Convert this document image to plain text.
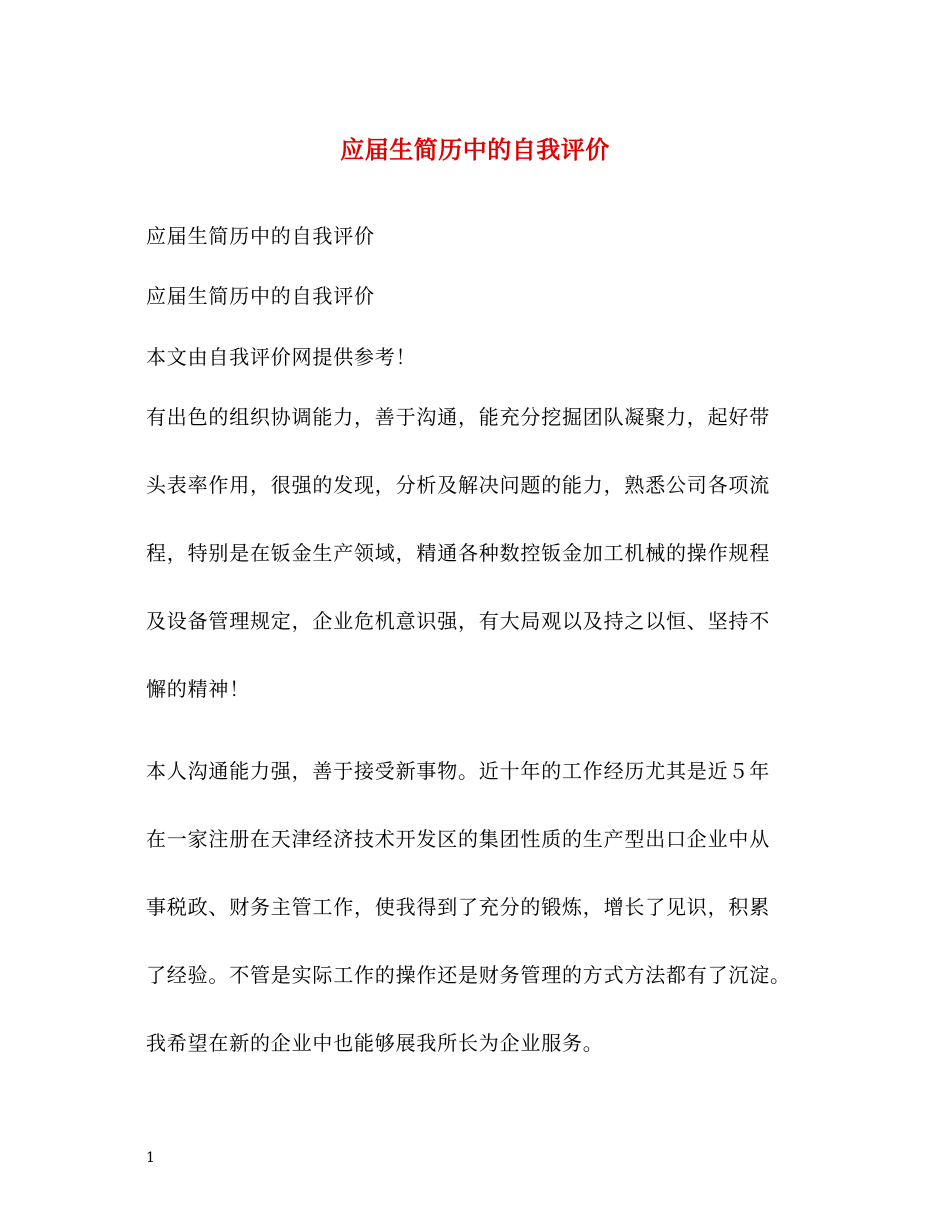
应届生简历中的自我评价
应届生简历中的自我评价
应届生简历中的自我评价
本文由自我评价网提供参考！
有出色的组织协调能力，善于沟通，能充分挖掘团队凝聚力，起好带
头表率作用，很强的发现，分析及解决问题的能力，熟悉公司各项流
程，特别是在钣金生产领域，精通各种数控钣金加工机械的操作规程
及设备管理规定，企业危机意识强，有大局观以及持之以恒、坚持不
懈的精神！
本人沟通能力强，善于接受新事物。近十年的工作经历尤其是近５年
在一家注册在天津经济技术开发区的集团性质的生产型出口企业中从
事税政、财务主管工作，使我得到了充分的锻炼，增长了见识，积累
了经验。不管是实际工作的操作还是财务管理的方式方法都有了沉淀。
我希望在新的企业中也能够展我所长为企业服务。
1
